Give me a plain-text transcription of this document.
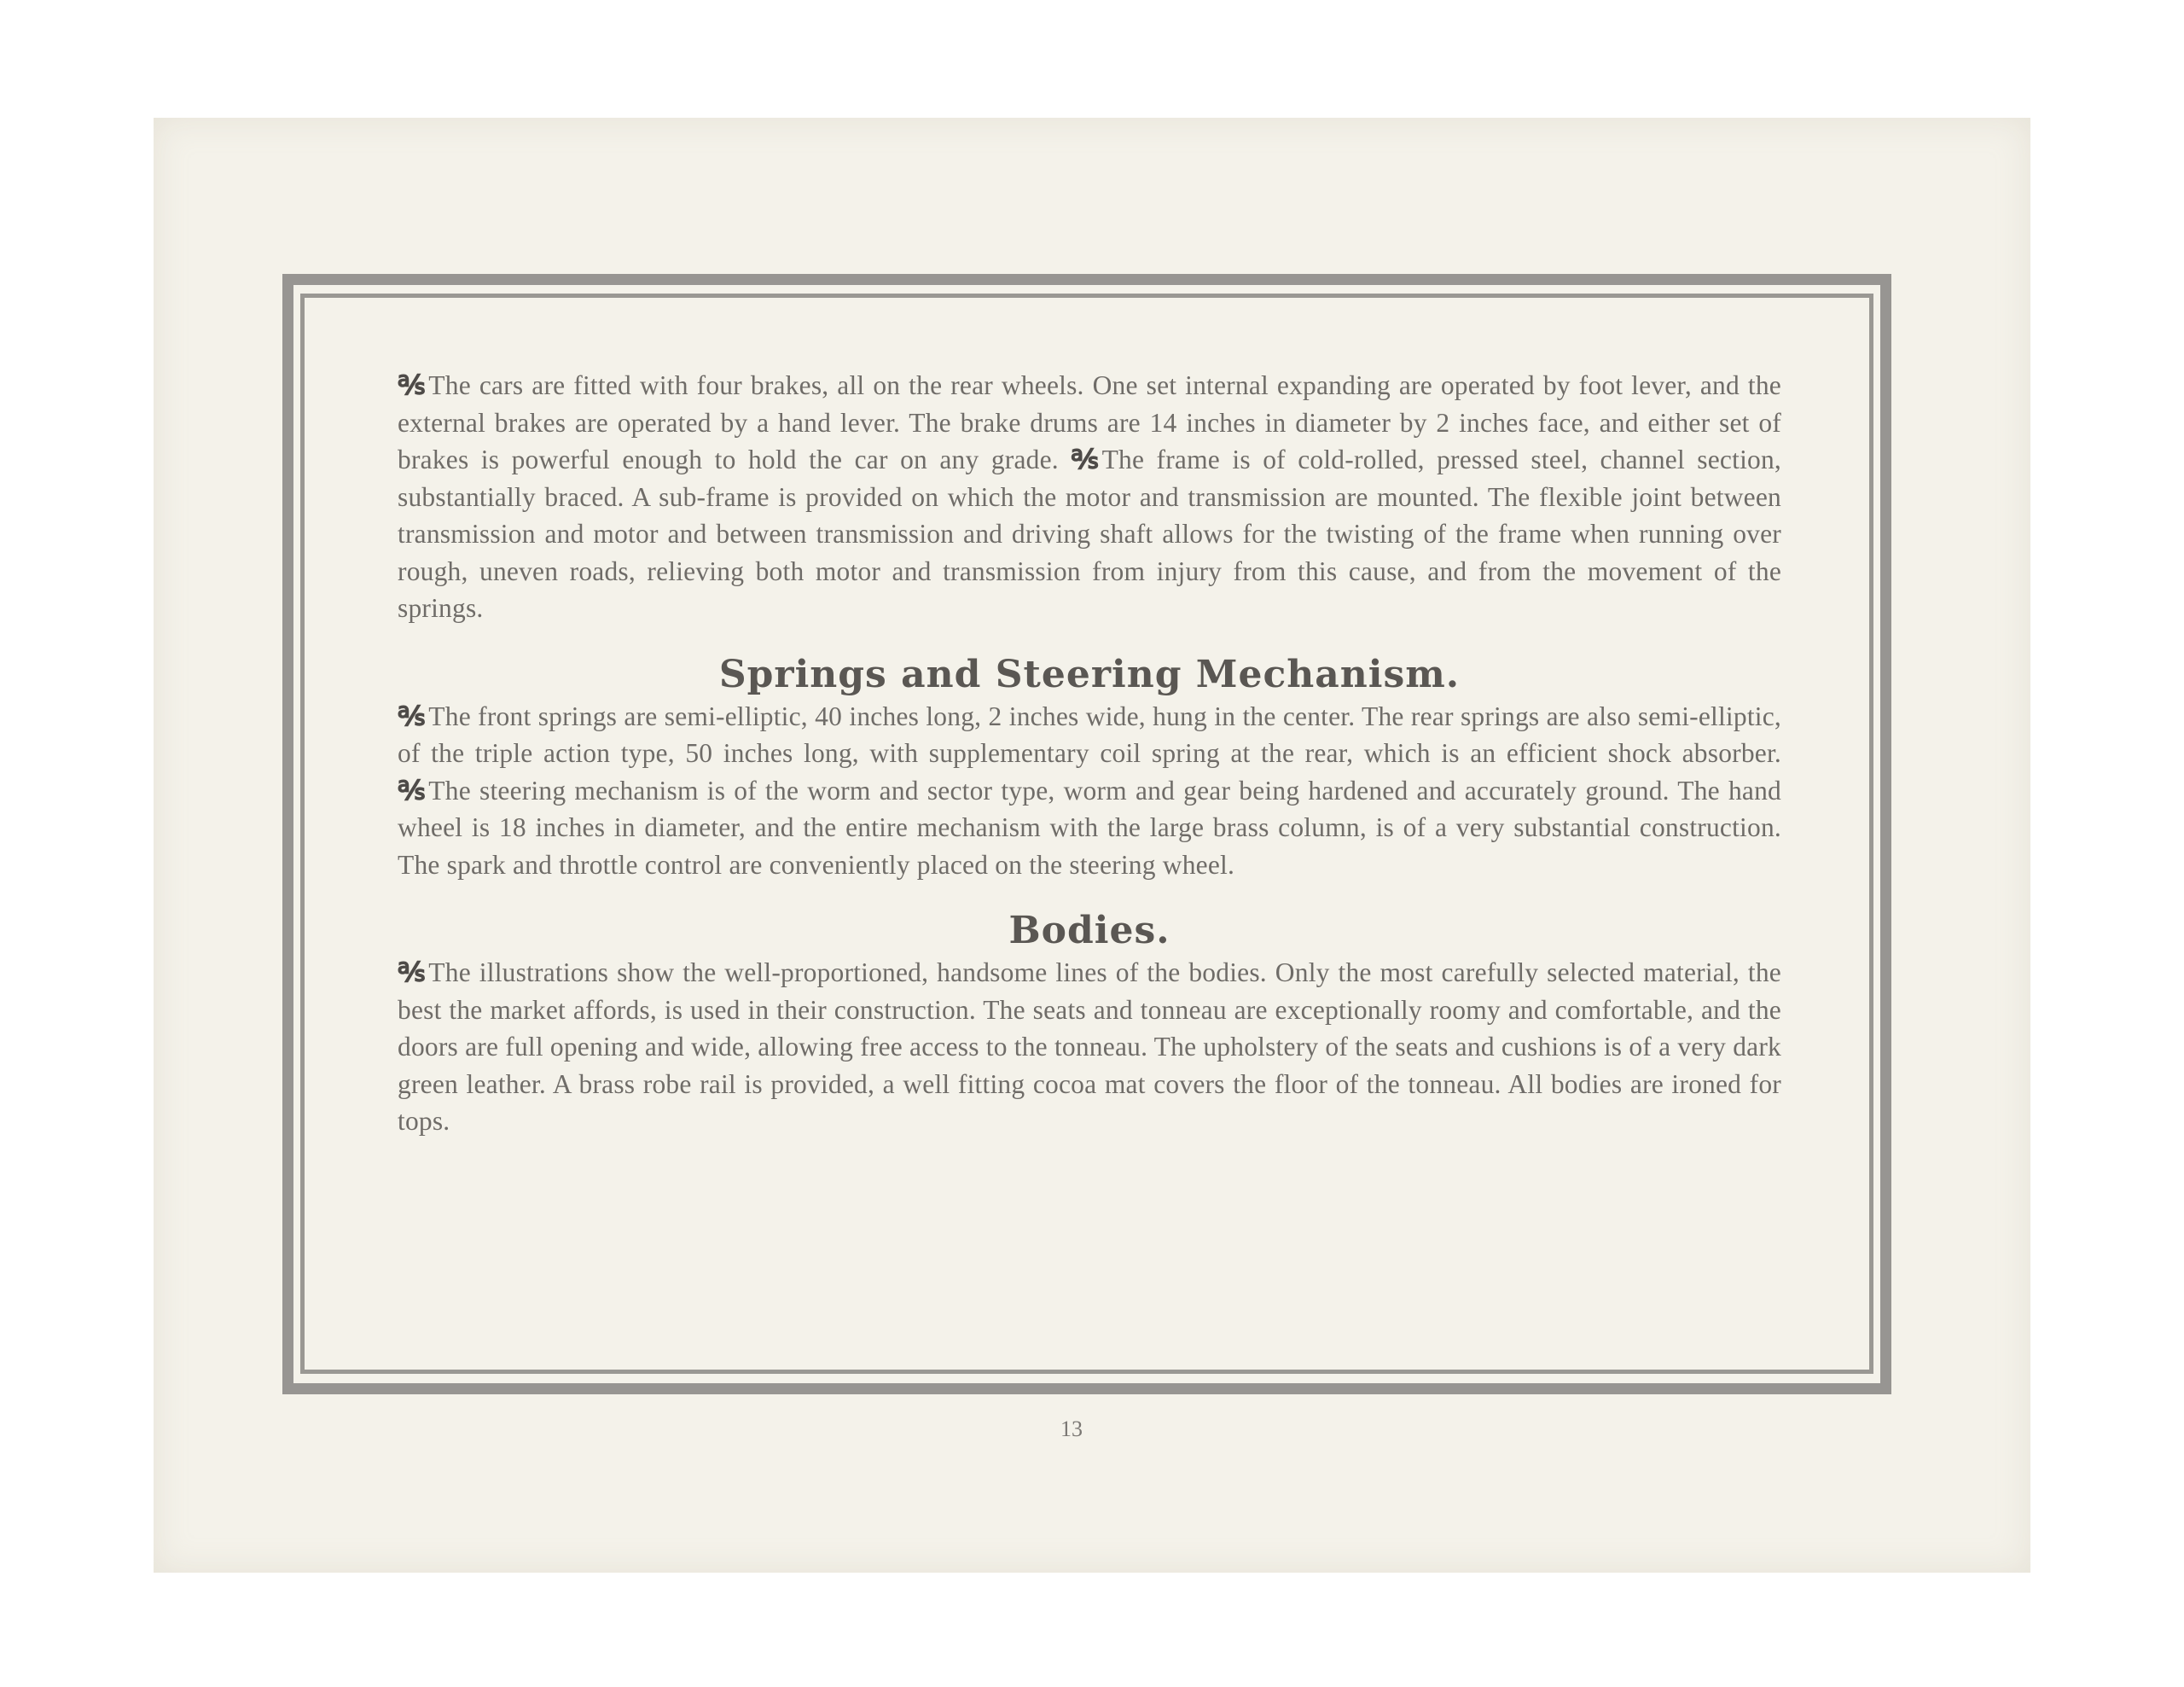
℁ The cars are fitted with four brakes, all on the rear wheels. One set internal expanding are operated by foot lever, and the external brakes are operated by a hand lever. The brake drums are 14 inches in diameter by 2 inches face, and either set of brakes is powerful enough to hold the car on any grade. ℁ The frame is of cold-rolled, pressed steel, channel section, substantially braced. A sub-frame is provided on which the motor and transmission are mounted. The flexible joint between transmission and motor and between transmission and driving shaft allows for the twisting of the frame when running over rough, uneven roads, relieving both motor and transmission from injury from this cause, and from the movement of the springs.

Springs and Steering Mechanism.

℁ The front springs are semi-elliptic, 40 inches long, 2 inches wide, hung in the center. The rear springs are also semi-elliptic, of the triple action type, 50 inches long, with supplementary coil spring at the rear, which is an efficient shock absorber. ℁ The steering mechanism is of the worm and sector type, worm and gear being hardened and accurately ground. The hand wheel is 18 inches in diameter, and the entire mechanism with the large brass column, is of a very substantial construction. The spark and throttle control are conveniently placed on the steering wheel.

Bodies.

℁ The illustrations show the well-proportioned, handsome lines of the bodies. Only the most carefully selected material, the best the market affords, is used in their construction. The seats and tonneau are exceptionally roomy and comfortable, and the doors are full opening and wide, allowing free access to the tonneau. The upholstery of the seats and cushions is of a very dark green leather. A brass robe rail is provided, a well fitting cocoa mat covers the floor of the tonneau. All bodies are ironed for tops.

13
